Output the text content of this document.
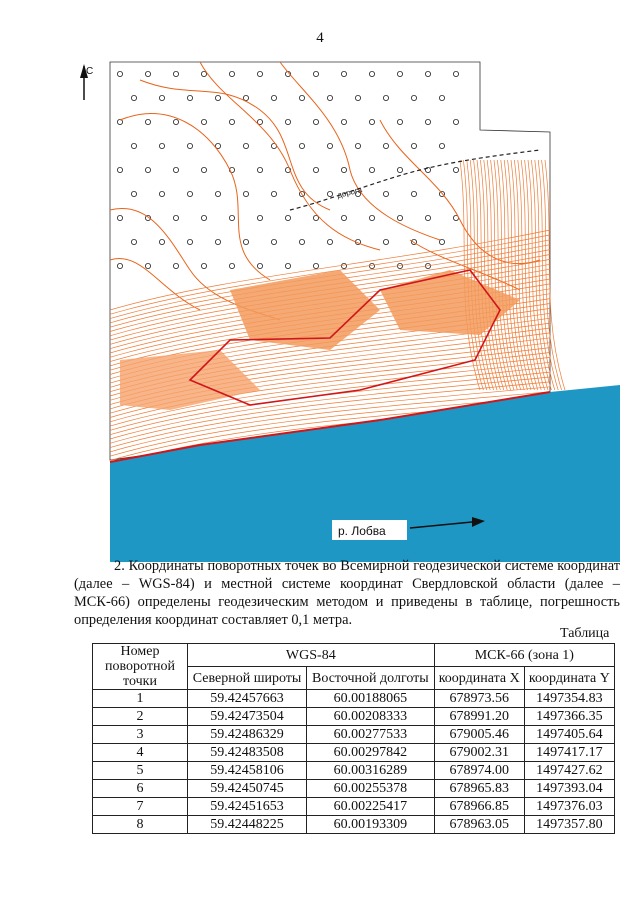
4
С
дорога
р. Лобва
2. Координаты поворотных точек во Всемирной геодезической системе координат (далее – WGS-84) и местной системе координат Свердловской области (далее – МСК-66) определены геодезическим методом и приведены в таблице, погрешность определения координат составляет 0,1 метра.
Таблица
Номер поворотной точки	WGS-84		МСК-66 (зона 1)	
	Северной широты	Восточной долготы	координата X	координата Y
1	59.42457663	60.00188065	678973.56	1497354.83
2	59.42473504	60.00208333	678991.20	1497366.35
3	59.42486329	60.00277533	679005.46	1497405.64
4	59.42483508	60.00297842	679002.31	1497417.17
5	59.42458106	60.00316289	678974.00	1497427.62
6	59.42450745	60.00255378	678965.83	1497393.04
7	59.42451653	60.00225417	678966.85	1497376.03
8	59.42448225	60.00193309	678963.05	1497357.80
